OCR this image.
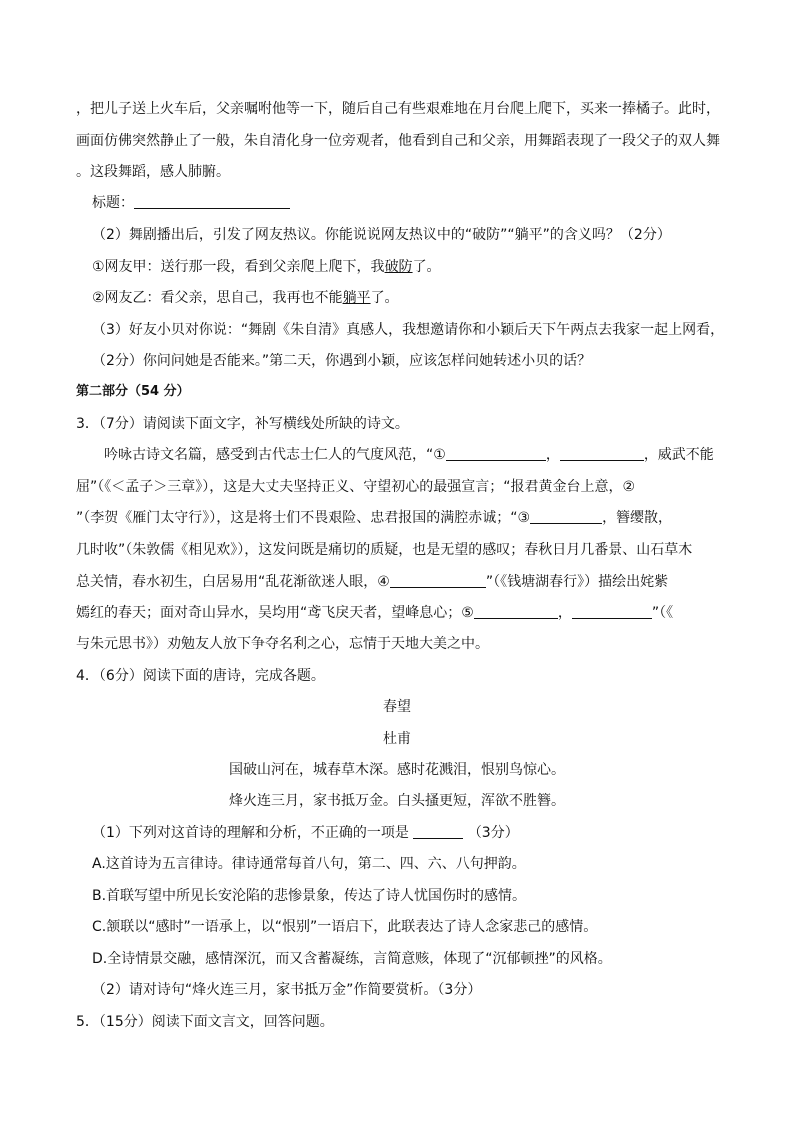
，把儿子送上火车后，父亲嘱咐他等一下，随后自己有些艰难地在月台爬上爬下，买来一捧橘子。此时，
画面仿佛突然静止了一般，朱自清化身一位旁观者，他看到自己和父亲，用舞蹈表现了一段父子的双人舞
。这段舞蹈，感人肺腑。
标题：
（2）舞剧播出后，引发了网友热议。你能说说网友热议中的“破防”“躺平”的含义吗？（2分）
①网友甲：送行那一段，看到父亲爬上爬下，我破防了。
②网友乙：看父亲，思自己，我再也不能躺平了。
（3）好友小贝对你说：“舞剧《朱自清》真感人，我想邀请你和小颖后天下午两点去我家一起上网看，
（2分）你问问她是否能来。”第二天，你遇到小颖，应该怎样问她转述小贝的话？
第二部分（54 分）
3．（7分）请阅读下面文字，补写横线处所缺的诗文。
吟咏古诗文名篇，感受到古代志士仁人的气度风范，“①	，	，威武不能
屈”（《＜孟子＞三章》），这是大丈夫坚持正义、守望初心的最强宣言；“报君黄金台上意，②
”（李贺《雁门太守行》），这是将士们不畏艰险、忠君报国的满腔赤诚；“③	，簪缨散，
几时收”（朱敦儒《相见欢》），这发问既是痛切的质疑，也是无望的感叹；春秋日月几番景、山石草木
总关情，春水初生，白居易用“乱花渐欲迷人眼，④	”（《钱塘湖春行》）描绘出姹紫
嫣红的春天；面对奇山异水，吴均用“鸢飞戾天者，望峰息心；⑤	，	”（《
与朱元思书》）劝勉友人放下争夺名利之心，忘情于天地大美之中。
4．（6分）阅读下面的唐诗，完成各题。
春望
杜甫
国破山河在，城春草木深。感时花溅泪，恨别鸟惊心。
烽火连三月，家书抵万金。白头搔更短，浑欲不胜簪。
（1）下列对这首诗的理解和分析，不正确的一项是	（3分）
A.这首诗为五言律诗。律诗通常每首八句，第二、四、六、八句押韵。
B.首联写望中所见长安沦陷的悲惨景象，传达了诗人忧国伤时的感情。
C.颔联以“感时”一语承上，以“恨别”一语启下，此联表达了诗人念家悲己的感情。
D.全诗情景交融，感情深沉，而又含蓄凝练，言简意赅，体现了“沉郁顿挫”的风格。
（2）请对诗句“烽火连三月，家书抵万金”作简要赏析。（3分）
5．（15分）阅读下面文言文，回答问题。
